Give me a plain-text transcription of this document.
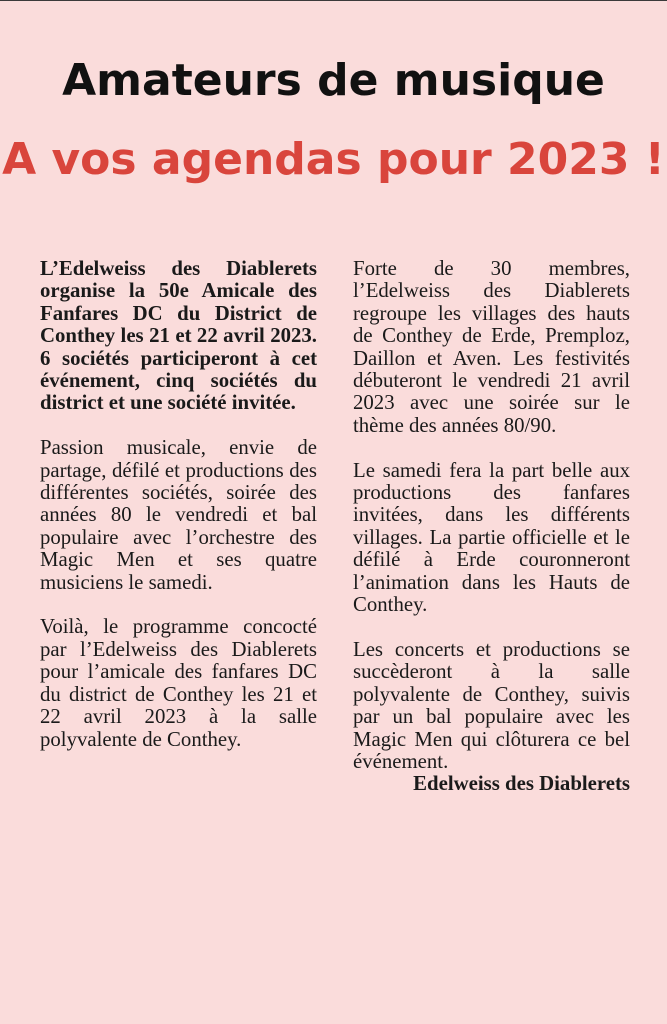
Amateurs de musique
A vos agendas pour 2023 !

L’Edelweiss des Diablerets organise la 50e Amicale des Fanfares DC du District de Conthey les 21 et 22 avril 2023. 6 sociétés participeront à cet événement, cinq sociétés du district et une société invitée.

Passion musicale, envie de partage, défilé et productions des différentes sociétés, soirée des années 80 le vendredi et bal populaire avec l’orchestre des Magic Men et ses quatre musiciens le samedi.

Voilà, le programme concocté par l’Edelweiss des Diablerets pour l’amicale des fanfares DC du district de Conthey les 21 et 22 avril 2023 à la salle polyvalente de Conthey.

Forte de 30 membres, l’Edelweiss des Diablerets regroupe les villages des hauts de Conthey de Erde, Premploz, Daillon et Aven. Les festivités débuteront le vendredi 21 avril 2023 avec une soirée sur le thème des années 80/90.

Le samedi fera la part belle aux productions des fanfares invitées, dans les différents villages. La partie officielle et le défilé à Erde couronneront l’animation dans les Hauts de Conthey.

Les concerts et productions se succèderont à la salle polyvalente de Conthey, suivis par un bal populaire avec les Magic Men qui clôturera ce bel événement.

Edelweiss des Diablerets
